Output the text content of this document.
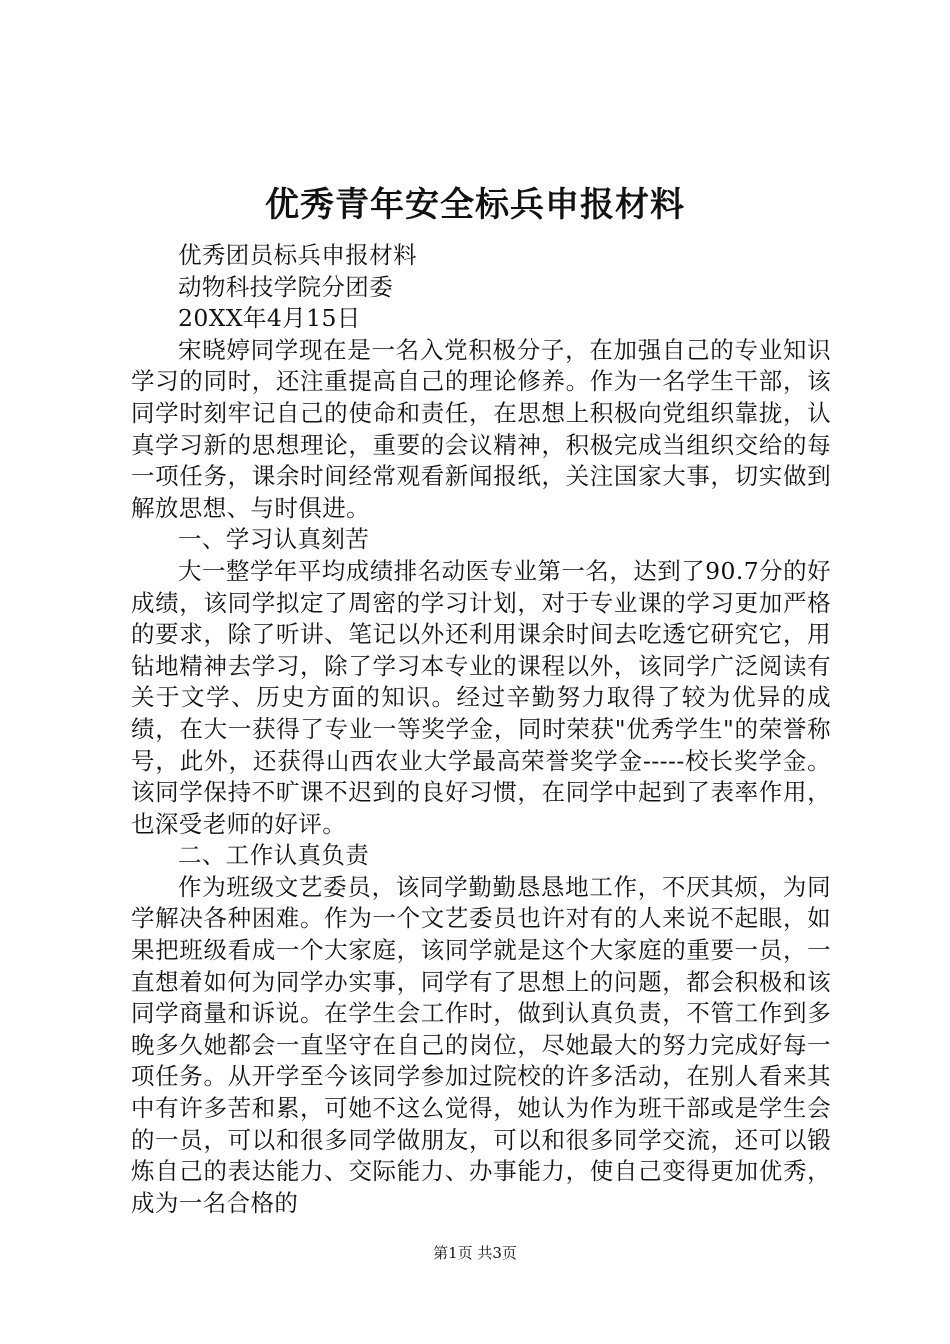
优秀青年安全标兵申报材料

优秀团员标兵申报材料

动物科技学院分团委

20XX年4月15日

宋晓婷同学现在是一名入党积极分子，在加强自己的专业知识学习的同时，还注重提高自己的理论修养。作为一名学生干部，该同学时刻牢记自己的使命和责任，在思想上积极向党组织靠拢，认真学习新的思想理论，重要的会议精神，积极完成当组织交给的每一项任务，课余时间经常观看新闻报纸，关注国家大事，切实做到解放思想、与时俱进。

一、学习认真刻苦

大一整学年平均成绩排名动医专业第一名，达到了90.7分的好成绩，该同学拟定了周密的学习计划，对于专业课的学习更加严格的要求，除了听讲、笔记以外还利用课余时间去吃透它研究它，用钻地精神去学习，除了学习本专业的课程以外，该同学广泛阅读有关于文学、历史方面的知识。经过辛勤努力取得了较为优异的成绩，在大一获得了专业一等奖学金，同时荣获"优秀学生"的荣誉称号，此外，还获得山西农业大学最高荣誉奖学金-----校长奖学金。该同学保持不旷课不迟到的良好习惯，在同学中起到了表率作用，也深受老师的好评。

二、工作认真负责

作为班级文艺委员，该同学勤勤恳恳地工作，不厌其烦，为同学解决各种困难。作为一个文艺委员也许对有的人来说不起眼，如果把班级看成一个大家庭，该同学就是这个大家庭的重要一员，一直想着如何为同学办实事，同学有了思想上的问题，都会积极和该同学商量和诉说。在学生会工作时，做到认真负责，不管工作到多晚多久她都会一直坚守在自己的岗位，尽她最大的努力完成好每一项任务。从开学至今该同学参加过院校的许多活动，在别人看来其中有许多苦和累，可她不这么觉得，她认为作为班干部或是学生会的一员，可以和很多同学做朋友，可以和很多同学交流，还可以锻炼自己的表达能力、交际能力、办事能力，使自己变得更加优秀，成为一名合格的

第1页 共3页
